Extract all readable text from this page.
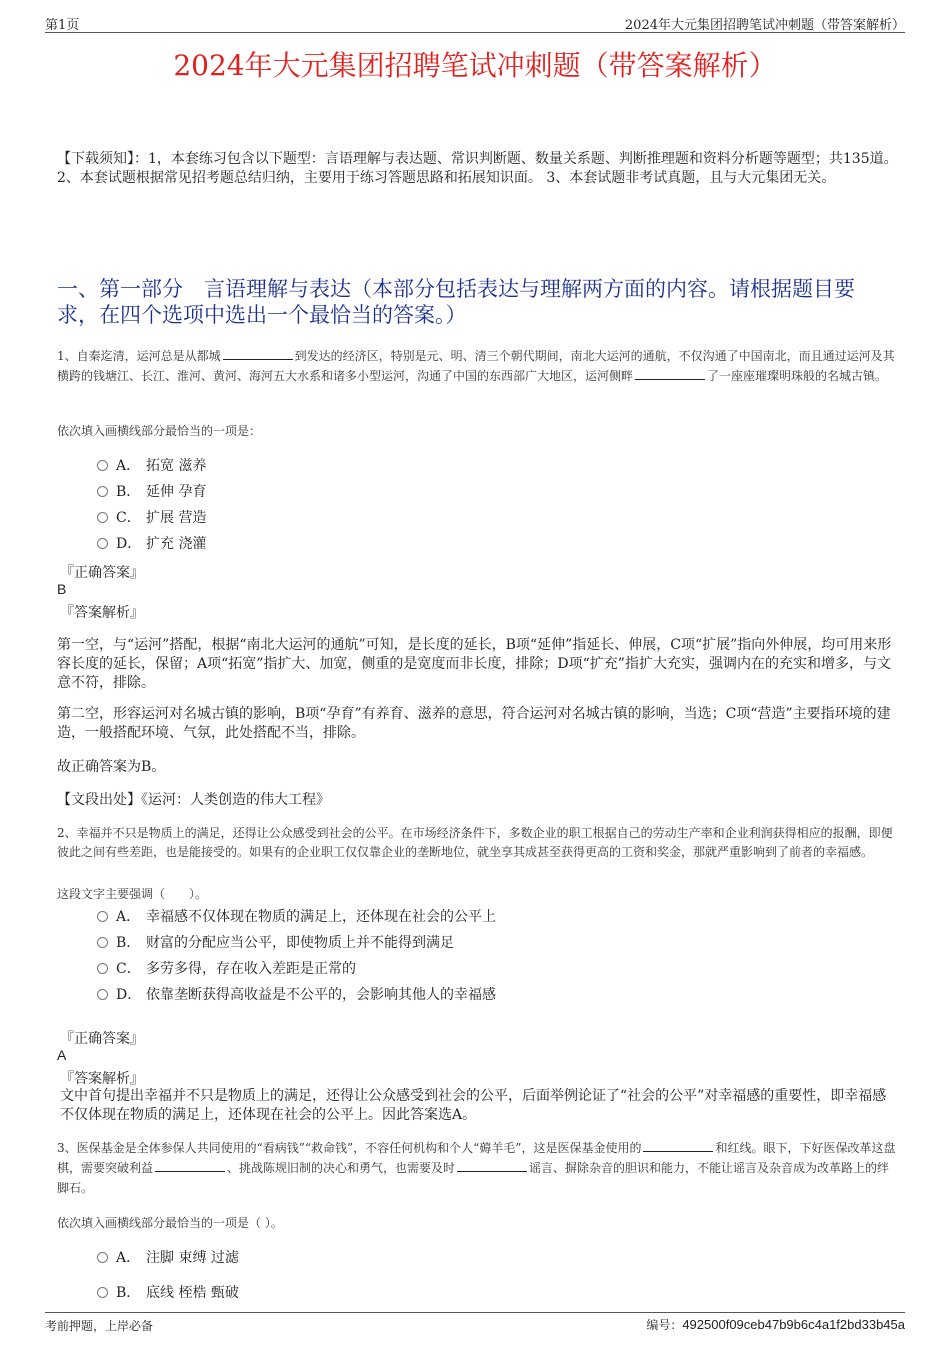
第1页	2024年大元集团招聘笔试冲刺题（带答案解析）
2024年大元集团招聘笔试冲刺题（带答案解析）
【下载须知】：1，本套练习包含以下题型：言语理解与表达题、常识判断题、数量关系题、判断推理题和资料分析题等题型；共135道。 2、本套试题根据常见招考题总结归纳，主要用于练习答题思路和拓展知识面。 3、本套试题非考试真题，且与大元集团无关。
一、第一部分　言语理解与表达（本部分包括表达与理解两方面的内容。请根据题目要求，在四个选项中选出一个最恰当的答案。）
1、自秦迄清，运河总是从都城	到发达的经济区，特别是元、明、清三个朝代期间，南北大运河的通航，不仅沟通了中国南北，而且通过运河及其横跨的钱塘江、长江、淮河、黄河、海河五大水系和诸多小型运河，沟通了中国的东西部广大地区，运河侧畔	了一座座璀璨明珠般的名城古镇。
依次填入画横线部分最恰当的一项是：
A． 拓宽 滋养
B． 延伸 孕育
C． 扩展 营造
D． 扩充 浇灌
『正确答案』
B
『答案解析』
第一空，与“运河”搭配，根据“南北大运河的通航”可知，是长度的延长，B项“延伸”指延长、伸展，C项“扩展”指向外伸展，均可用来形容长度的延长，保留；A项“拓宽”指扩大、加宽，侧重的是宽度而非长度，排除；D项“扩充”指扩大充实，强调内在的充实和增多，与文意不符，排除。
第二空，形容运河对名城古镇的影响，B项“孕育”有养育、滋养的意思，符合运河对名城古镇的影响，当选；C项“营造”主要指环境的建造，一般搭配环境、气氛，此处搭配不当，排除。
故正确答案为B。
【文段出处】《运河：人类创造的伟大工程》
2、幸福并不只是物质上的满足，还得让公众感受到社会的公平。在市场经济条件下，多数企业的职工根据自己的劳动生产率和企业利润获得相应的报酬，即便彼此之间有些差距，也是能接受的。如果有的企业职工仅仅靠企业的垄断地位，就坐享其成甚至获得更高的工资和奖金，那就严重影响到了前者的幸福感。
这段文字主要强调（　　）。
A． 幸福感不仅体现在物质的满足上，还体现在社会的公平上
B． 财富的分配应当公平，即使物质上并不能得到满足
C． 多劳多得，存在收入差距是正常的
D． 依靠垄断获得高收益是不公平的，会影响其他人的幸福感
『正确答案』
A
『答案解析』
文中首句提出幸福并不只是物质上的满足，还得让公众感受到社会的公平，后面举例论证了“社会的公平”对幸福感的重要性，即幸福感不仅体现在物质的满足上，还体现在社会的公平上。因此答案选A。
3、医保基金是全体参保人共同使用的“看病钱”“救命钱”，不容任何机构和个人“薅羊毛”，这是医保基金使用的	和红线。眼下，下好医保改革这盘棋，需要突破利益	、挑战陈规旧制的决心和勇气，也需要及时	谣言、摒除杂音的胆识和能力，不能让谣言及杂音成为改革路上的绊脚石。
依次填入画横线部分最恰当的一项是（ ）。
A． 注脚 束缚 过滤
B． 底线 桎梏 甄破
考前押题，上岸必备	编号：492500f09ceb47b9b6c4a1f2bd33b45a
